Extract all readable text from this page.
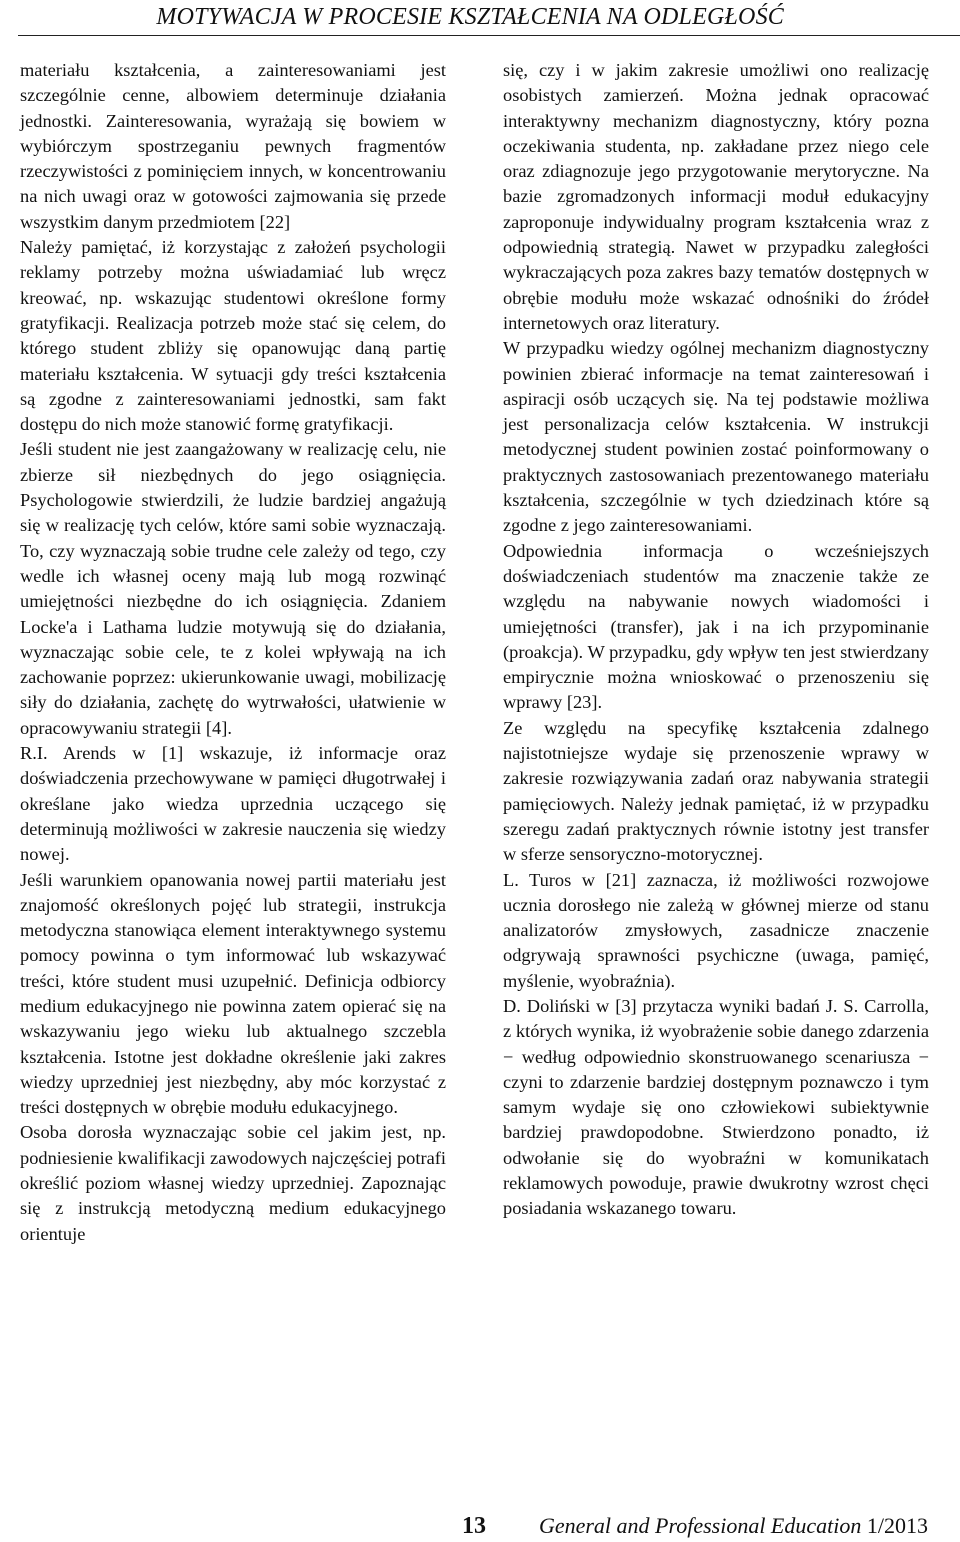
MOTYWACJA W PROCESIE KSZTAŁCENIA NA ODLEGŁOŚĆ

materiału kształcenia, a zainteresowaniami jest szczególnie cenne, albowiem determinuje działania jednostki. Zainteresowania, wyrażają się bowiem w wybiórczym spostrzeganiu pewnych fragmentów rzeczywistości z pominięciem innych, w koncentrowaniu na nich uwagi oraz w gotowości zajmowania się przede wszystkim danym przedmiotem [22]

Należy pamiętać, iż korzystając z założeń psychologii reklamy potrzeby można uświadamiać lub wręcz kreować, np. wskazując studentowi określone formy gratyfikacji. Realizacja potrzeb może stać się celem, do którego student zbliży się opanowując daną partię materiału kształcenia. W sytuacji gdy treści kształcenia są zgodne z zainteresowaniami jednostki, sam fakt dostępu do nich może stanowić formę gratyfikacji.

Jeśli student nie jest zaangażowany w realizację celu, nie zbierze sił niezbędnych do jego osiągnięcia. Psychologowie stwierdzili, że ludzie bardziej angażują się w realizację tych celów, które sami sobie wyznaczają. To, czy wyznaczają sobie trudne cele zależy od tego, czy wedle ich własnej oceny mają lub mogą rozwinąć umiejętności niezbędne do ich osiągnięcia. Zdaniem Locke'a i Lathama ludzie motywują się do działania, wyznaczając sobie cele, te z kolei wpływają na ich zachowanie poprzez: ukierunkowanie uwagi, mobilizację siły do działania, zachętę do wytrwałości, ułatwienie w opracowywaniu strategii [4].

R.I. Arends w [1] wskazuje, iż informacje oraz doświadczenia przechowywane w pamięci długotrwałej i określane jako wiedza uprzednia uczącego się determinują możliwości w zakresie nauczenia się wiedzy nowej.

Jeśli warunkiem opanowania nowej partii materiału jest znajomość określonych pojęć lub strategii, instrukcja metodyczna stanowiąca element interaktywnego systemu pomocy powinna o tym informować lub wskazywać treści, które student musi uzupełnić. Definicja odbiorcy medium edukacyjnego nie powinna zatem opierać się na wskazywaniu jego wieku lub aktualnego szczebla kształcenia. Istotne jest dokładne określenie jaki zakres wiedzy uprzedniej jest niezbędny, aby móc korzystać z treści dostępnych w obrębie modułu edukacyjnego.

Osoba dorosła wyznaczając sobie cel jakim jest, np. podniesienie kwalifikacji zawodowych najczęściej potrafi określić poziom własnej wiedzy uprzedniej. Zapoznając się z instrukcją metodyczną medium edukacyjnego orientuje

się, czy i w jakim zakresie umożliwi ono realizację osobistych zamierzeń. Można jednak opracować interaktywny mechanizm diagnostyczny, który pozna oczekiwania studenta, np. zakładane przez niego cele oraz zdiagnozuje jego przygotowanie merytoryczne. Na bazie zgromadzonych informacji moduł edukacyjny zaproponuje indywidualny program kształcenia wraz z odpowiednią strategią. Nawet w przypadku zaległości wykraczających poza zakres bazy tematów dostępnych w obrębie modułu może wskazać odnośniki do źródeł internetowych oraz literatury.

W przypadku wiedzy ogólnej mechanizm diagnostyczny powinien zbierać informacje na temat zainteresowań i aspiracji osób uczących się. Na tej podstawie możliwa jest personalizacja celów kształcenia. W instrukcji metodycznej student powinien zostać poinformowany o praktycznych zastosowaniach prezentowanego materiału kształcenia, szczególnie w tych dziedzinach które są zgodne z jego zainteresowaniami.

Odpowiednia informacja o wcześniejszych doświadczeniach studentów ma znaczenie także ze względu na nabywanie nowych wiadomości i umiejętności (transfer), jak i na ich przypominanie (proakcja). W przypadku, gdy wpływ ten jest stwierdzany empirycznie można wnioskować o przenoszeniu się wprawy [23].

Ze względu na specyfikę kształcenia zdalnego najistotniejsze wydaje się przenoszenie wprawy w zakresie rozwiązywania zadań oraz nabywania strategii pamięciowych. Należy jednak pamiętać, iż w przypadku szeregu zadań praktycznych równie istotny jest transfer w sferze sensoryczno-motorycznej.

L. Turos w [21] zaznacza, iż możliwości rozwojowe ucznia dorosłego nie zależą w głównej mierze od stanu analizatorów zmysłowych, zasadnicze znaczenie odgrywają sprawności psychiczne (uwaga, pamięć, myślenie, wyobraźnia).

D. Doliński w [3] przytacza wyniki badań J. S. Carrolla, z których wynika, iż wyobrażenie sobie danego zdarzenia − według odpowiednio skonstruowanego scenariusza − czyni to zdarzenie bardziej dostępnym poznawczo i tym samym wydaje się ono człowiekowi subiektywnie bardziej prawdopodobne. Stwierdzono ponadto, iż odwołanie się do wyobraźni w komunikatach reklamowych powoduje, prawie dwukrotny wzrost chęci posiadania wskazanego towaru.

13 General and Professional Education 1/2013
